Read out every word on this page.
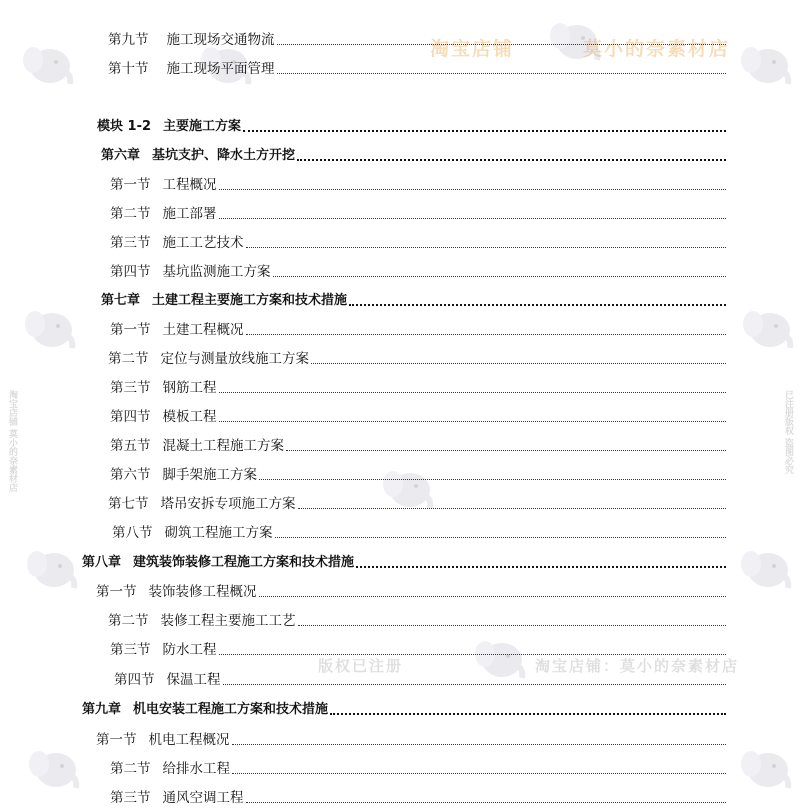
淘宝店铺	莫小的奈素材店
版权已注册	淘宝店铺：莫小的奈素材店
淘宝店铺 莫小的奈素材店	已注册版权 盗图必究
第九节 施工现场交通物流
第十节 施工现场平面管理
模块 1-2 主要施工方案
第六章 基坑支护、降水土方开挖
第一节 工程概况
第二节 施工部署
第三节 施工工艺技术
第四节 基坑监测施工方案
第七章 土建工程主要施工方案和技术措施
第一节 土建工程概况
第二节 定位与测量放线施工方案
第三节 钢筋工程
第四节 模板工程
第五节 混凝土工程施工方案
第六节 脚手架施工方案
第七节 塔吊安拆专项施工方案
第八节 砌筑工程施工方案
第八章 建筑装饰装修工程施工方案和技术措施
第一节 装饰装修工程概况
第二节 装修工程主要施工工艺
第三节 防水工程
第四节 保温工程
第九章 机电安装工程施工方案和技术措施
第一节 机电工程概况
第二节 给排水工程
第三节 通风空调工程
